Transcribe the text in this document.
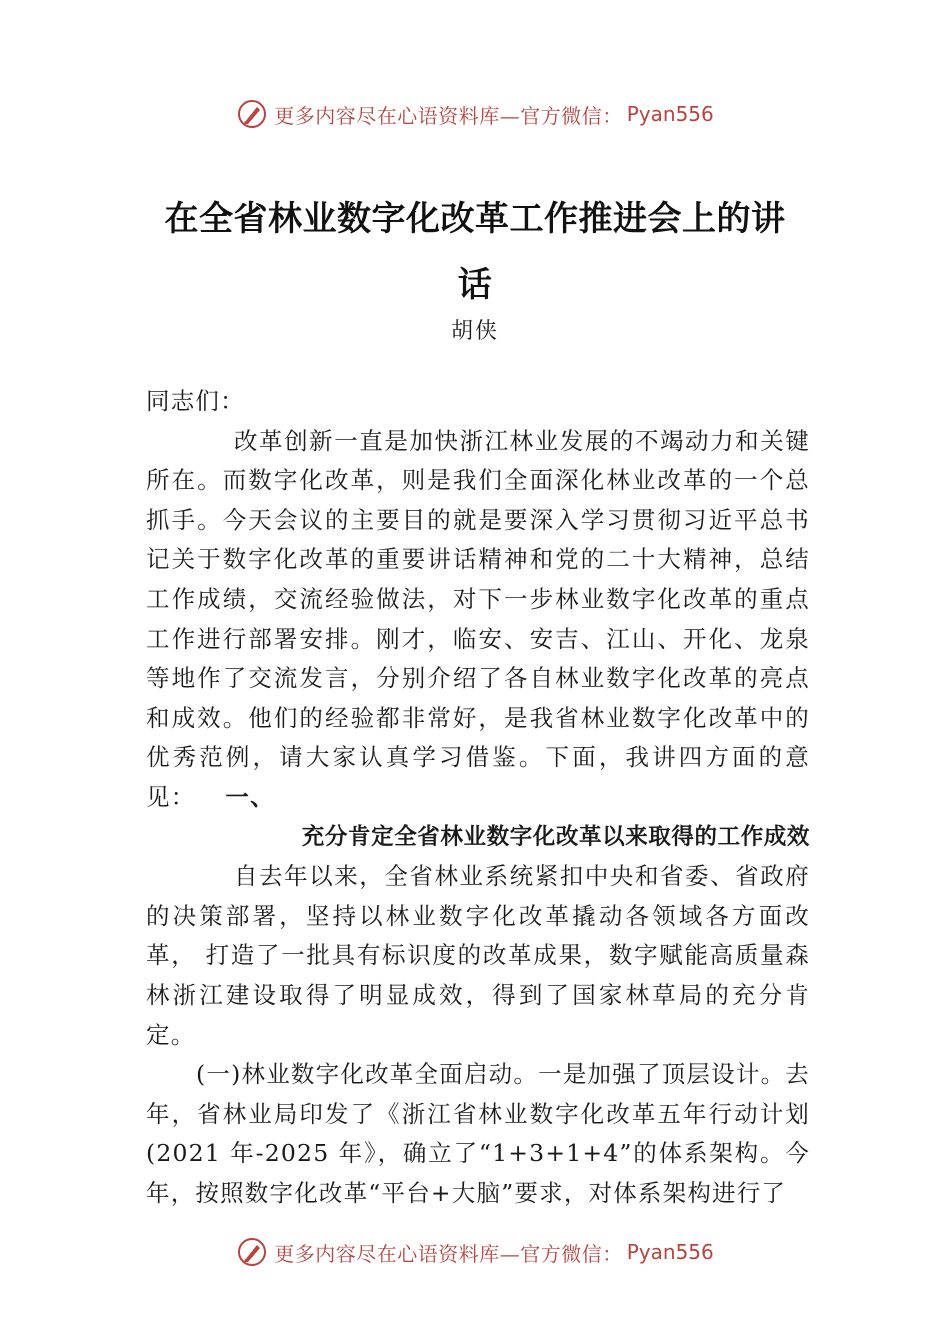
更多内容尽在心语资料库—官方微信： Pyan556
在全省林业数字化改革工作推进会上的讲
话

胡侠

同志们：

改革创新一直是加快浙江林业发展的不竭动力和关键所在。而数字化改革，则是我们全面深化林业改革的一个总抓手。今天会议的主要目的就是要深入学习贯彻习近平总书记关于数字化改革的重要讲话精神和党的二十大精神，总结工作成绩，交流经验做法，对下一步林业数字化改革的重点工作进行部署安排。刚才，临安、安吉、江山、开化、龙泉 等地作了交流发言，分别介绍了各自林业数字化改革的亮点和成效。他们的经验都非常好，是我省林业数字化改革中的优秀范例，请大家认真学习借鉴。下面，我讲四方面的意见： 一、

充分肯定全省林业数字化改革以来取得的工作成效

自去年以来，全省林业系统紧扣中央和省委、省政府的决策部署，坚持以林业数字化改革撬动各领域各方面改革， 打造了一批具有标识度的改革成果，数字赋能高质量森林浙江建设取得了明显成效，得到了国家林草局的充分肯定。

(一)林业数字化改革全面启动。一是加强了顶层设计。去年，省林业局印发了《浙江省林业数字化改革五年行动计划(2021 年-2025 年》，确立了“1+3+1+4”的体系架构。今年，按照数字化改革“平台+大脑”要求，对体系架构进行了

更多内容尽在心语资料库—官方微信： Pyan556
